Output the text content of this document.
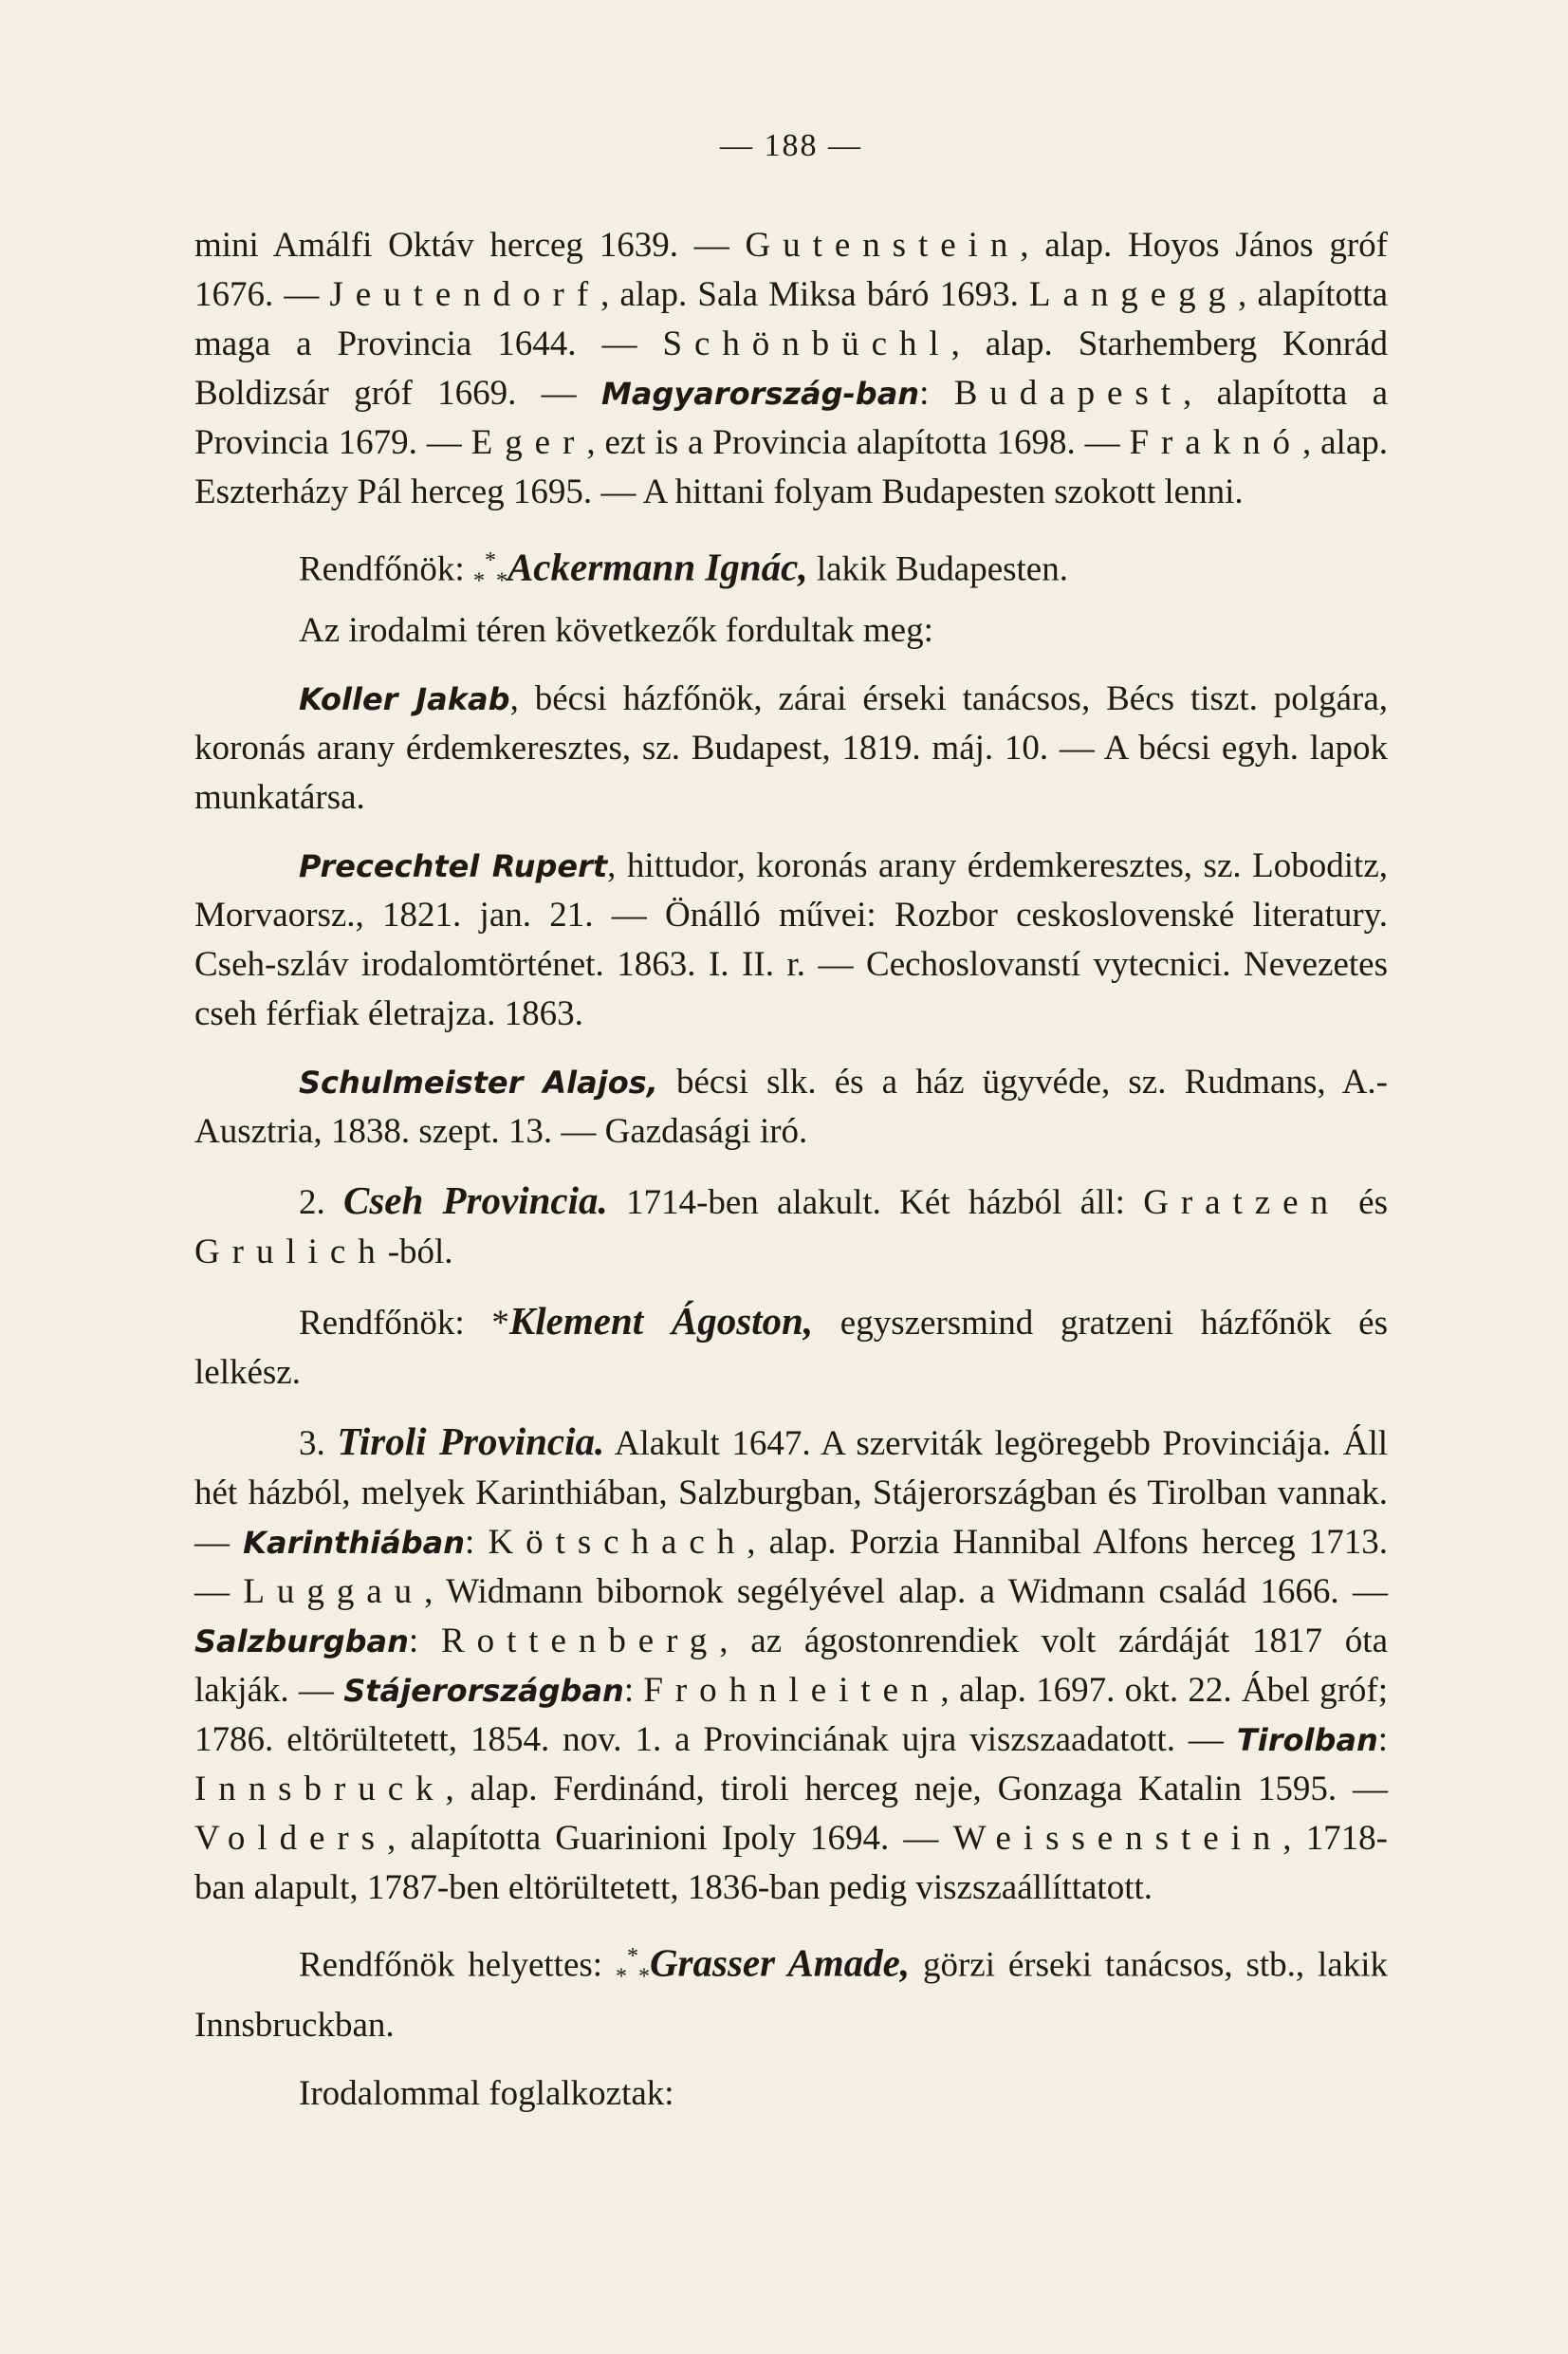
— 188 —

mini Amálfi Oktáv herceg 1639. — Gutenstein, alap. Hoyos János gróf 1676. — Jeutendorf, alap. Sala Miksa báró 1693. Langegg, alapította maga a Provincia 1644. — Schönbüchl, alap. Starhemberg Konrád Boldizsár gróf 1669. — Magyarország-ban: Budapest, alapította a Provincia 1679. — Eger, ezt is a Provincia alapította 1698. — Fraknó, alap. Eszterházy Pál herceg 1695. — A hittani folyam Budapesten szokott lenni.

Rendfőnök: $_*$*$_*$Ackermann Ignác, lakik Budapesten.

Az irodalmi téren következők fordultak meg:

Koller Jakab, bécsi házfőnök, zárai érseki tanácsos, Bécs tiszt. polgára, koronás arany érdemkeresztes, sz. Budapest, 1819. máj. 10. — A bécsi egyh. lapok munkatársa.

Precechtel Rupert, hittudor, koronás arany érdemkeresztes, sz. Loboditz, Morvaorsz., 1821. jan. 21. — Önálló művei: Rozbor ceskoslovenské literatury. Cseh-szláv irodalomtörténet. 1863. I. II. r. — Cechoslovanstí vytecnici. Nevezetes cseh férfiak életrajza. 1863.

Schulmeister Alajos, bécsi slk. és a ház ügyvéde, sz. Rudmans, A.-Ausztria, 1838. szept. 13. — Gazdasági iró.

2. Cseh Provincia. 1714-ben alakult. Két házból áll: Gratzen és Grulich-ból.

Rendfőnök: *Klement Ágoston, egyszersmind gratzeni házfőnök és lelkész.

3. Tiroli Provincia. Alakult 1647. A szerviták legöregebb Provinciája. Áll hét házból, melyek Karinthiában, Salzburgban, Stájerországban és Tirolban vannak. — Karinthiában: Kötschach, alap. Porzia Hannibal Alfons herceg 1713. — Luggau, Widmann bibornok segélyével alap. a Widmann család 1666. — Salzburgban: Rottenberg, az ágostonrendiek volt zárdáját 1817 óta lakják. — Stájerországban: Frohnleiten, alap. 1697. okt. 22. Ábel gróf; 1786. eltörültetett, 1854. nov. 1. a Provinciának ujra viszszaadatott. — Tirolban: Innsbruck, alap. Ferdinánd, tiroli herceg neje, Gonzaga Katalin 1595. — Volders, alapította Guarinioni Ipoly 1694. — Weissenstein, 1718-ban alapult, 1787-ben eltörültetett, 1836-ban pedig viszszaállíttatott.

Rendfőnök helyettes: $_*$*$_*$Grasser Amade, görzi érseki tanácsos, stb., lakik Innsbruckban.

Irodalommal foglalkoztak:
